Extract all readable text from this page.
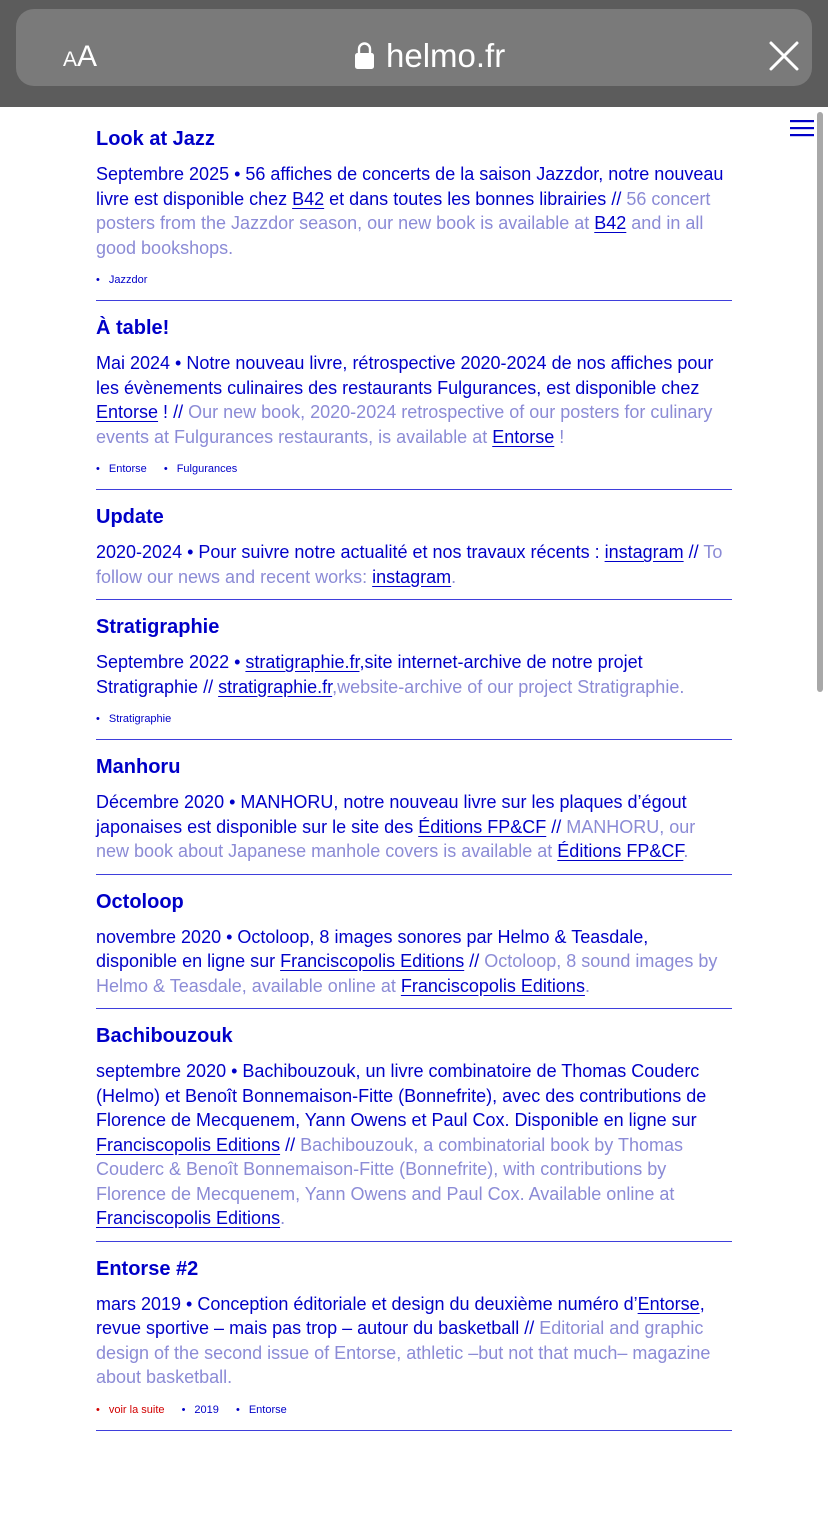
AA	helmo.fr
Look at Jazz

Septembre 2025 • 56 affiches de concerts de la saison Jazzdor, notre nouveau livre est disponible chez B42 et dans toutes les bonnes librairies // 56 concert posters from the Jazzdor season, our new book is available at B42 and in all good bookshops.

• Jazzdor
À table!

Mai 2024 • Notre nouveau livre, rétrospective 2020-2024 de nos affiches pour les évènements culinaires des restaurants Fulgurances, est disponible chez Entorse ! // Our new book, 2020-2024 retrospective of our posters for culinary events at Fulgurances restaurants, is available at Entorse !

• Entorse • Fulgurances
Update

2020-2024 • Pour suivre notre actualité et nos travaux récents : instagram // To follow our news and recent works: instagram.

Stratigraphie

Septembre 2022 • stratigraphie.fr,site internet-archive de notre projet Stratigraphie // stratigraphie.fr,website-archive of our project Stratigraphie.

• Stratigraphie
Manhoru

Décembre 2020 • MANHORU, notre nouveau livre sur les plaques d’égout japonaises est disponible sur le site des Éditions FP&CF // MANHORU, our new book about Japanese manhole covers is available at Éditions FP&CF.

Octoloop

novembre 2020 • Octoloop, 8 images sonores par Helmo & Teasdale, disponible en ligne sur Franciscopolis Editions // Octoloop, 8 sound images by Helmo & Teasdale, available online at Franciscopolis Editions.

Bachibouzouk

septembre 2020 • Bachibouzouk, un livre combinatoire de Thomas Couderc (Helmo) et Benoît Bonnemaison-Fitte (Bonnefrite), avec des contributions de Florence de Mecquenem, Yann Owens et Paul Cox. Disponible en ligne sur Franciscopolis Editions // Bachibouzouk, a combinatorial book by Thomas Couderc & Benoît Bonnemaison-Fitte (Bonnefrite), with contributions by Florence de Mecquenem, Yann Owens and Paul Cox. Available online at Franciscopolis Editions.

Entorse #2

mars 2019 • Conception éditoriale et design du deuxième numéro d’Entorse, revue sportive – mais pas trop – autour du basketball // Editorial and graphic design of the second issue of Entorse, athletic –but not that much– magazine about basketball.

• voir la suite • 2019 • Entorse
